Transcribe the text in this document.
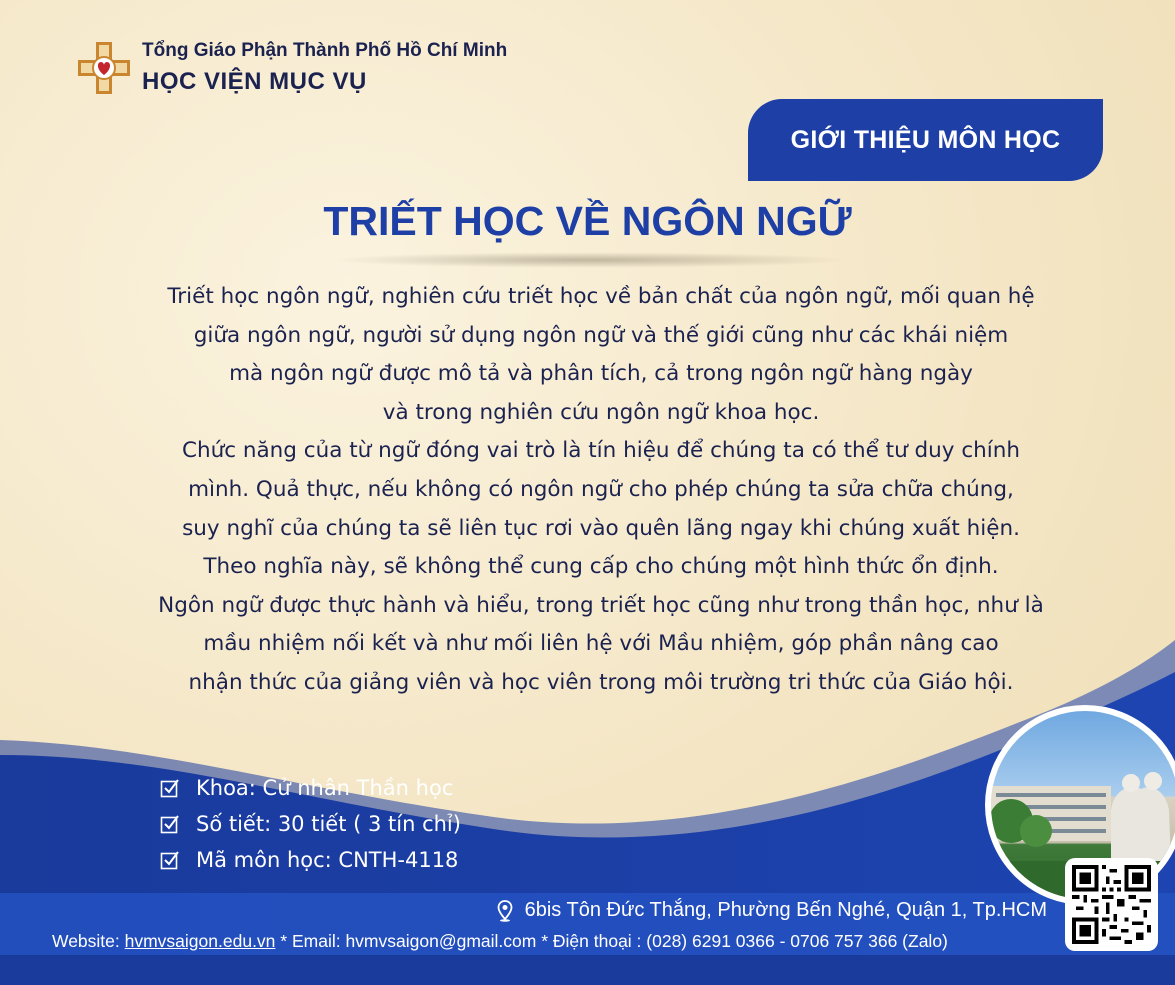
Tổng Giáo Phận Thành Phố Hồ Chí Minh
HỌC VIỆN MỤC VỤ
GIỚI THIỆU MÔN HỌC
TRIẾT HỌC VỀ NGÔN NGỮ

Triết học ngôn ngữ, nghiên cứu triết học về bản chất của ngôn ngữ, mối quan hệ

giữa ngôn ngữ, người sử dụng ngôn ngữ và thế giới cũng như các khái niệm

mà ngôn ngữ được mô tả và phân tích, cả trong ngôn ngữ hàng ngày

và trong nghiên cứu ngôn ngữ khoa học.

Chức năng của từ ngữ đóng vai trò là tín hiệu để chúng ta có thể tư duy chính

mình. Quả thực, nếu không có ngôn ngữ cho phép chúng ta sửa chữa chúng,

suy nghĩ của chúng ta sẽ liên tục rơi vào quên lãng ngay khi chúng xuất hiện.

Theo nghĩa này, sẽ không thể cung cấp cho chúng một hình thức ổn định.

Ngôn ngữ được thực hành và hiểu, trong triết học cũng như trong thần học, như là

mầu nhiệm nối kết và như mối liên hệ với Mầu nhiệm, góp phần nâng cao

nhận thức của giảng viên và học viên trong môi trường tri thức của Giáo hội.

Khoa: Cử nhân Thần học
Số tiết: 30 tiết ( 3 tín chỉ)
Mã môn học: CNTH-4118
6bis Tôn Đức Thắng, Phường Bến Nghé, Quận 1, Tp.HCM
Website: hvmvsaigon.edu.vn * Email: hvmvsaigon@gmail.com * Điện thoại : (028) 6291 0366 - 0706 757 366 (Zalo)
